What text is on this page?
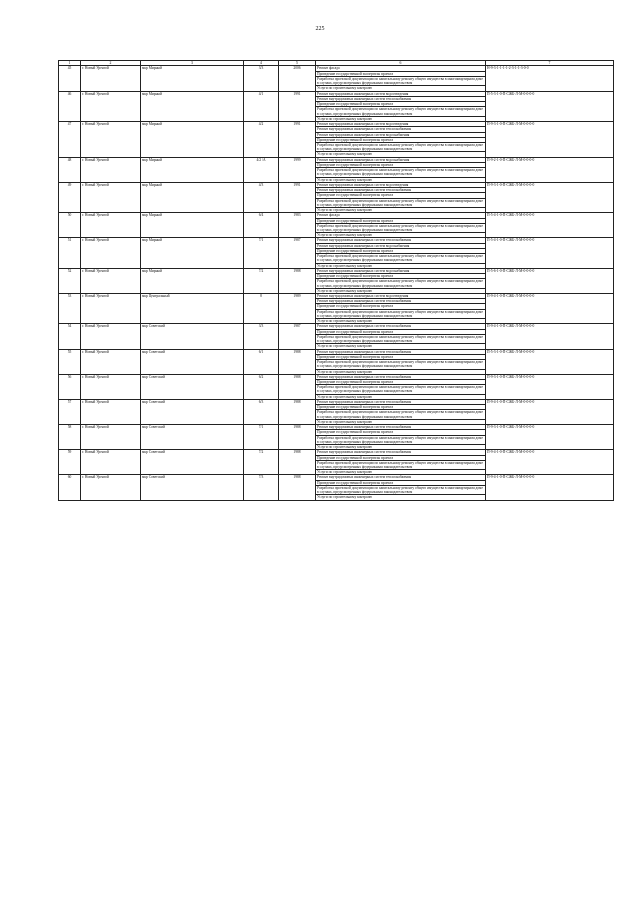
225
1	2	3	4	5	6	7
45	г. Новый Уренгой	мкр Мирный	3/3	2006	Ремонт фасада	Н-9-3-1-1-1-1-2-3-1-1-3-0-0
					Проведение государственной экспертизы проекта	
					Разработка проектной документации по капитальному ремонту общего имущества в многоквартирном доме в случаях, предусмотренных федеральным законодательством	
					Услуги по строительному контролю	
46	г. Новый Уренгой	мкр Мирный	4/1	1991	Ремонт внутридомовых инженерных систем водоотведения	П-5-3-1-0-П-СЖБ-Л-М-0-0-0-0
					Ремонт внутридомовых инженерных систем теплоснабжения	
					Проведение государственной экспертизы проекта	
					Разработка проектной документации по капитальному ремонту общего имущества в многоквартирном доме в случаях, предусмотренных федеральным законодательством	
					Услуги по строительному контролю	
47	г. Новый Уренгой	мкр Мирный	4/2	1991	Ремонт внутридомовых инженерных систем водоотведения	П-9-3-1-0-П-СЖБ-Л-М-0-0-0-0
					Ремонт внутридомовых инженерных систем теплоснабжения	
					Ремонт внутридомовых инженерных систем водоснабжения	
					Проведение государственной экспертизы проекта	
					Разработка проектной документации по капитальному ремонту общего имущества в многоквартирном доме в случаях, предусмотренных федеральным законодательством	
					Услуги по строительному контролю	
48	г. Новый Уренгой	мкр Мирный	4/2 /А	1999	Ремонт внутридомовых инженерных систем водоснабжения	П-9-2-1-0-П-СЖБ-Л-М-0-0-0-0
					Проведение государственной экспертизы проекта	
					Разработка проектной документации по капитальному ремонту общего имущества в многоквартирном доме в случаях, предусмотренных федеральным законодательством	
					Услуги по строительному контролю	
49	г. Новый Уренгой	мкр Мирный	4/3	1991	Ремонт внутридомовых инженерных систем водоотведения	П-9-3-1-0-П-СЖБ-Л-М-0-0-0-0
					Ремонт внутридомовых инженерных систем теплоснабжения	
					Проведение государственной экспертизы проекта	
					Разработка проектной документации по капитальному ремонту общего имущества в многоквартирном доме в случаях, предусмотренных федеральным законодательством	
					Услуги по строительному контролю	
50	г. Новый Уренгой	мкр Мирный	6/4	1983	Ремонт фасада	П-5-4-1-0-П-СЖБ-Л-М-0-0-0-0
					Проведение государственной экспертизы проекта	
					Разработка проектной документации по капитальному ремонту общего имущества в многоквартирном доме в случаях, предусмотренных федеральным законодательством	
					Услуги по строительному контролю	
51	г. Новый Уренгой	мкр Мирный	7/1	1987	Ремонт внутридомовых инженерных систем теплоснабжения	П-5-4-1-0-П-СЖБ-Л-М-0-0-0-0
					Ремонт внутридомовых инженерных систем водоснабжения	
					Проведение государственной экспертизы проекта	
					Разработка проектной документации по капитальному ремонту общего имущества в многоквартирном доме в случаях, предусмотренных федеральным законодательством	
					Услуги по строительному контролю	
52	г. Новый Уренгой	мкр Мирный	7/2	1988	Ремонт внутридомовых инженерных систем водоснабжения	П-5-6-1-0-П-СЖБ-Л-М-0-0-0-0
					Проведение государственной экспертизы проекта	
					Разработка проектной документации по капитальному ремонту общего имущества в многоквартирном доме в случаях, предусмотренных федеральным законодательством	
					Услуги по строительному контролю	
53	г. Новый Уренгой	мкр Центральный	8	1989	Ремонт внутридомовых инженерных систем водоотведения	П-9-4-1-0-П-СЖБ-Л-М-0-0-0-0
					Ремонт внутридомовых инженерных систем теплоснабжения	
					Проведение государственной экспертизы проекта	
					Разработка проектной документации по капитальному ремонту общего имущества в многоквартирном доме в случаях, предусмотренных федеральным законодательством	
					Услуги по строительному контролю	
54	г. Новый Уренгой	мкр Советский	3/3	1987	Ремонт внутридомовых инженерных систем теплоснабжения	П-9-4-1-0-П-СЖБ-Л-М-0-0-0-0
					Проведение государственной экспертизы проекта	
					Разработка проектной документации по капитальному ремонту общего имущества в многоквартирном доме в случаях, предусмотренных федеральным законодательством	
					Услуги по строительному контролю	
55	г. Новый Уренгой	мкр Советский	6/1	1988	Ремонт внутридомовых инженерных систем теплоснабжения	П-5-3-1-0-П-СЖБ-Л-М-0-0-0-0
					Проведение государственной экспертизы проекта	
					Разработка проектной документации по капитальному ремонту общего имущества в многоквартирном доме в случаях, предусмотренных федеральным законодательством	
					Услуги по строительному контролю	
56	г. Новый Уренгой	мкр Советский	6/2	1988	Ремонт внутридомовых инженерных систем теплоснабжения	П-9-3-1-0-П-СЖБ-Л-М-0-0-0-0
					Проведение государственной экспертизы проекта	
					Разработка проектной документации по капитальному ремонту общего имущества в многоквартирном доме в случаях, предусмотренных федеральным законодательством	
					Услуги по строительному контролю	
57	г. Новый Уренгой	мкр Советский	6/3	1988	Ремонт внутридомовых инженерных систем теплоснабжения	П-9-4-1-0-П-СЖБ-Л-М-0-0-0-0
					Проведение государственной экспертизы проекта	
					Разработка проектной документации по капитальному ремонту общего имущества в многоквартирном доме в случаях, предусмотренных федеральным законодательством	
					Услуги по строительному контролю	
58	г. Новый Уренгой	мкр Советский	7/1	1988	Ремонт внутридомовых инженерных систем теплоснабжения	П-9-3-1-0-П-СЖБ-Л-М-0-0-0-0
					Проведение государственной экспертизы проекта	
					Разработка проектной документации по капитальному ремонту общего имущества в многоквартирном доме в случаях, предусмотренных федеральным законодательством	
					Услуги по строительному контролю	
59	г. Новый Уренгой	мкр Советский	7/2	1988	Ремонт внутридомовых инженерных систем теплоснабжения	П-9-4-1-0-П-СЖБ-Л-М-0-0-0-0
					Проведение государственной экспертизы проекта	
					Разработка проектной документации по капитальному ремонту общего имущества в многоквартирном доме в случаях, предусмотренных федеральным законодательством	
					Услуги по строительному контролю	
60	г. Новый Уренгой	мкр Советский	7/3	1988	Ремонт внутридомовых инженерных систем теплоснабжения	П-9-4-1-0-П-СЖБ-Л-М-0-0-0-0
					Проведение государственной экспертизы проекта	
					Разработка проектной документации по капитальному ремонту общего имущества в многоквартирном доме в случаях, предусмотренных федеральным законодательством	
					Услуги по строительному контролю	
